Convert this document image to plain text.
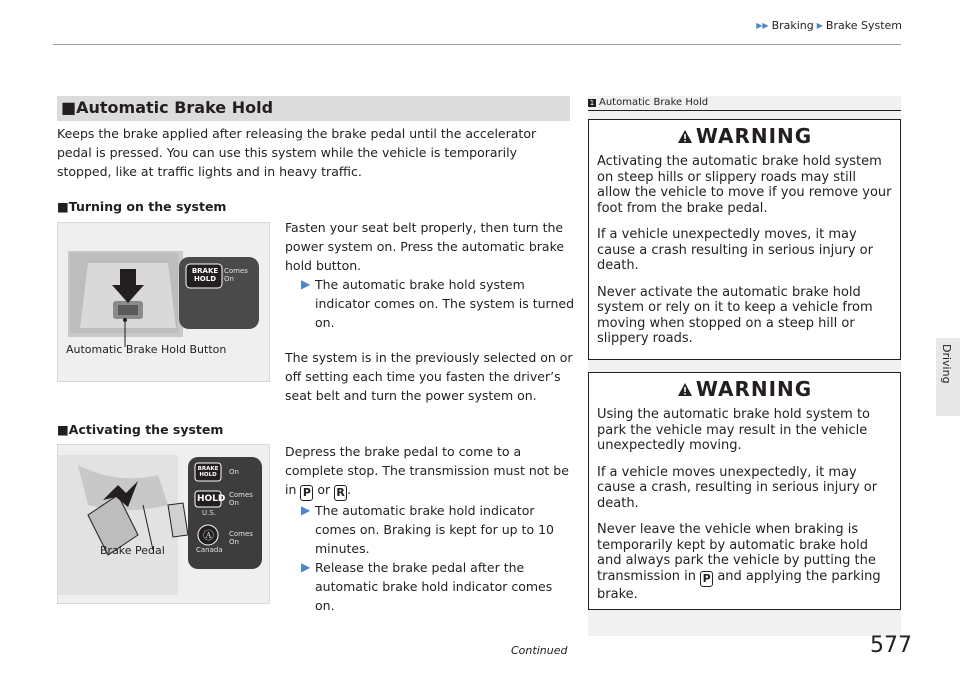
▶▶ Braking ▶ Brake System
Driving
■Automatic Brake Hold
Keeps the brake applied after releasing the brake pedal until the accelerator pedal is pressed. You can use this system while the vehicle is temporarily stopped, like at traffic lights and in heavy traffic.
■Turning on the system
BRAKE HOLD
Comes On
Automatic Brake Hold Button
Fasten your seat belt properly, then turn the power system on. Press the automatic brake hold button.
▶ The automatic brake hold system indicator comes on. The system is turned on.
The system is in the previously selected on or off setting each time you fasten the driver’s seat belt and turn the power system on.
■Activating the system
BRAKE HOLD	On
HOLD Comes On
U.S.
Ⓐ Comes On
Canada
Brake Pedal
Depress the brake pedal to come to a complete stop. The transmission must not be in P or R .
▶ The automatic brake hold indicator comes on. Braking is kept for up to 10 minutes.
▶ Release the brake pedal after the automatic brake hold indicator comes on.
1 Automatic Brake Hold
WARNING

Activating the automatic brake hold system on steep hills or slippery roads may still allow the vehicle to move if you remove your foot from the brake pedal.

If a vehicle unexpectedly moves, it may cause a crash resulting in serious injury or death.

Never activate the automatic brake hold system or rely on it to keep a vehicle from moving when stopped on a steep hill or slippery roads.

WARNING

Using the automatic brake hold system to park the vehicle may result in the vehicle unexpectedly moving.

If a vehicle moves unexpectedly, it may cause a crash, resulting in serious injury or death.

Never leave the vehicle when braking is temporarily kept by automatic brake hold and always park the vehicle by putting the transmission in P and applying the parking brake.

Continued	577
